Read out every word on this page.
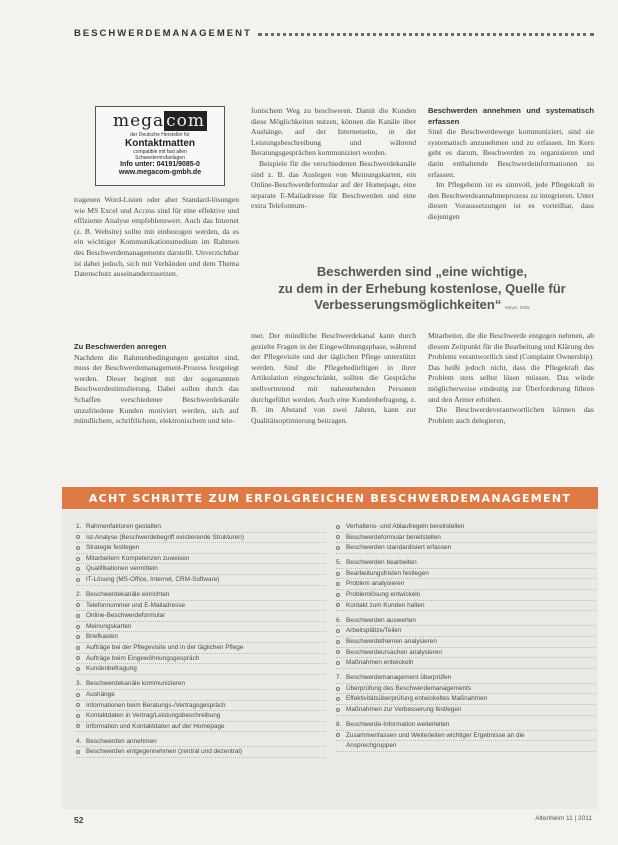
BESCHWERDEMANAGEMENT
mega com
der Deutsche Hersteller für
Kontaktmatten
compatible mit fast allen
Schwesternrufanlagen
Info unter: 04191/9085-0
www.megacom-gmbh.de

tragenen Word-Listen oder aber Standard-lösungen wie MS Excel und Access sind für eine effektive und effiziente Analyse empfehlenswert. Auch das Internet (z. B. Website) sollte mit einbezogen werden, da es ein wichtiger Kommunikationsmedium im Rahmen des Beschwerdemanagements darstellt. Unverzichtbar ist dabei jedoch, sich mit Verbänden und dem Thema Datenschutz auseinanderzusetzen.

Zu Beschwerden anregen

Nachdem die Rahmenbedingungen gestaltet sind, muss der Beschwerdemanagement-Prozess festgelegt werden. Dieser beginnt mit der sogenannten Beschwerdestimulierung. Dabei sollen durch das Schaffen verschiedener Beschwerdekanäle unzufriedene Kunden motiviert werden, sich auf mündlichem, schriftlichem, elektronischem und tele-

fonischem Weg zu beschweren. Damit die Kunden diese Möglichkeiten nutzen, können die Kanäle über Aushänge, auf der Internetseite, in der Leistungsbeschreibung und während Beratungsgesprächen kommuniziert werden.

Beispiele für die verschiedenen Beschwerdekanäle sind z. B. das Auslegen von Meinungskarten, ein Online-Beschwerdeformular auf der Homepage, eine separate E-Mailadresse für Beschwerden und eine extra Telefonnum-

Beschwerden annehmen und systematisch erfassen

Sind die Beschwerdewege kommuniziert, sind sie systematisch anzunehmen und zu erfassen. Im Kern geht es darum, Beschwerden zu organisieren und darin enthaltende Beschwerdeinformationen zu erfassen.

Im Pflegeheim ist es sinnvoll, jede Pflegekraft in den Beschwerdeannahmeprozess zu integrieren. Unter diesen Voraussetzungen ist es vorteilbar, dass diejenigen

Beschwerden sind „eine wichtige,
zu dem in der Erhebung kostenlose, Quelle für
Verbesserungsmöglichkeiten“ Meyer, 2005

mer. Der mündliche Beschwerdekanal kann durch gezielte Fragen in der Eingewöhnungsphase, während der Pflegevisite und der täglichen Pflege unterstützt werden. Sind die Pflegebedürftigen in ihrer Artikulation eingeschränkt, sollten die Gespräche stellvertretend mit nahestehenden Personen durchgeführt werden. Auch eine Kundenbefragung, z. B. im Abstand von zwei Jahren, kann zur Qualitätsoptimierung beitragen.

Mitarbeiter, die die Beschwerde entgegen nehmen, ab diesem Zeitpunkt für die Bearbeitung und Klärung des Problems verantwortlich sind (Complaint Ownership). Das heißt jedoch nicht, dass die Pflegekraft das Problem stets selbst lösen müssen. Das würde möglicherweise eindeutig zur Überforderung führen und den Ärmer erhöhen.

Die Beschwerdeverantwortlichen können das Problem auch delegieren,

ACHT SCHRITTE ZUM ERFOLGREICHEN BESCHWERDEMANAGEMENT
1. Rahmenfaktoren gestalten
Ist-Analyse (Beschwerdebegriff existierende Strukturen)
Strategie festlegen
Mitarbeitern Kompetenzen zuweisen
Qualifikationen vermitteln
IT-Lösung (MS-Office, Internet, CRM-Software)
2. Beschwerdekanäle einrichten
Telefonnummer und E-Mailadresse
Online-Beschwerdeformular
Meinungskarten
Briefkasten
Aufträge bei der Pflegevisite und in der täglichen Pflege
Aufträge beim Eingewöhnungsgespräch
Kundenbefragung
3. Beschwerdekanäle kommunizieren
Aushänge
Informationen beim Beratungs-/Vertragsgespräch
Kontaktdaten in Vertrag/Leistungsbeschreibung
Information und Kontaktdaten auf der Homepage
4. Beschwerden annehmen
Beschwerden entgegennehmen (zentral und dezentral)
Verhaltens- und Ablaufregeln bereitstellen
Beschwerdeformular bereitstellen
Beschwerden standardisiert erfassen
5. Beschwerden bearbeiten
Bearbeitungsfristen festlegen
Problem analysieren
Problemlösung entwickeln
Kontakt zum Kunden halten
6. Beschwerden auswerten
Arbeitsplätze/Teilen
Beschwerdethemen analysieren
Beschwerdeursachen analysieren
Maßnahmen entwickeln
7. Beschwerdemanagement überprüfen
Überprüfung des Beschwerdemanagements
Effektivitätsüberprüfung entwickeltes Maßnahmen
Maßnahmen zur Verbesserung festlegen
8. Beschwerde-Information weiterleiten
Zusammenfassen und Weiterleiten wichtiger Ergebnisse an die
Ansprechgruppen
52	Altenheim 11 | 2011
